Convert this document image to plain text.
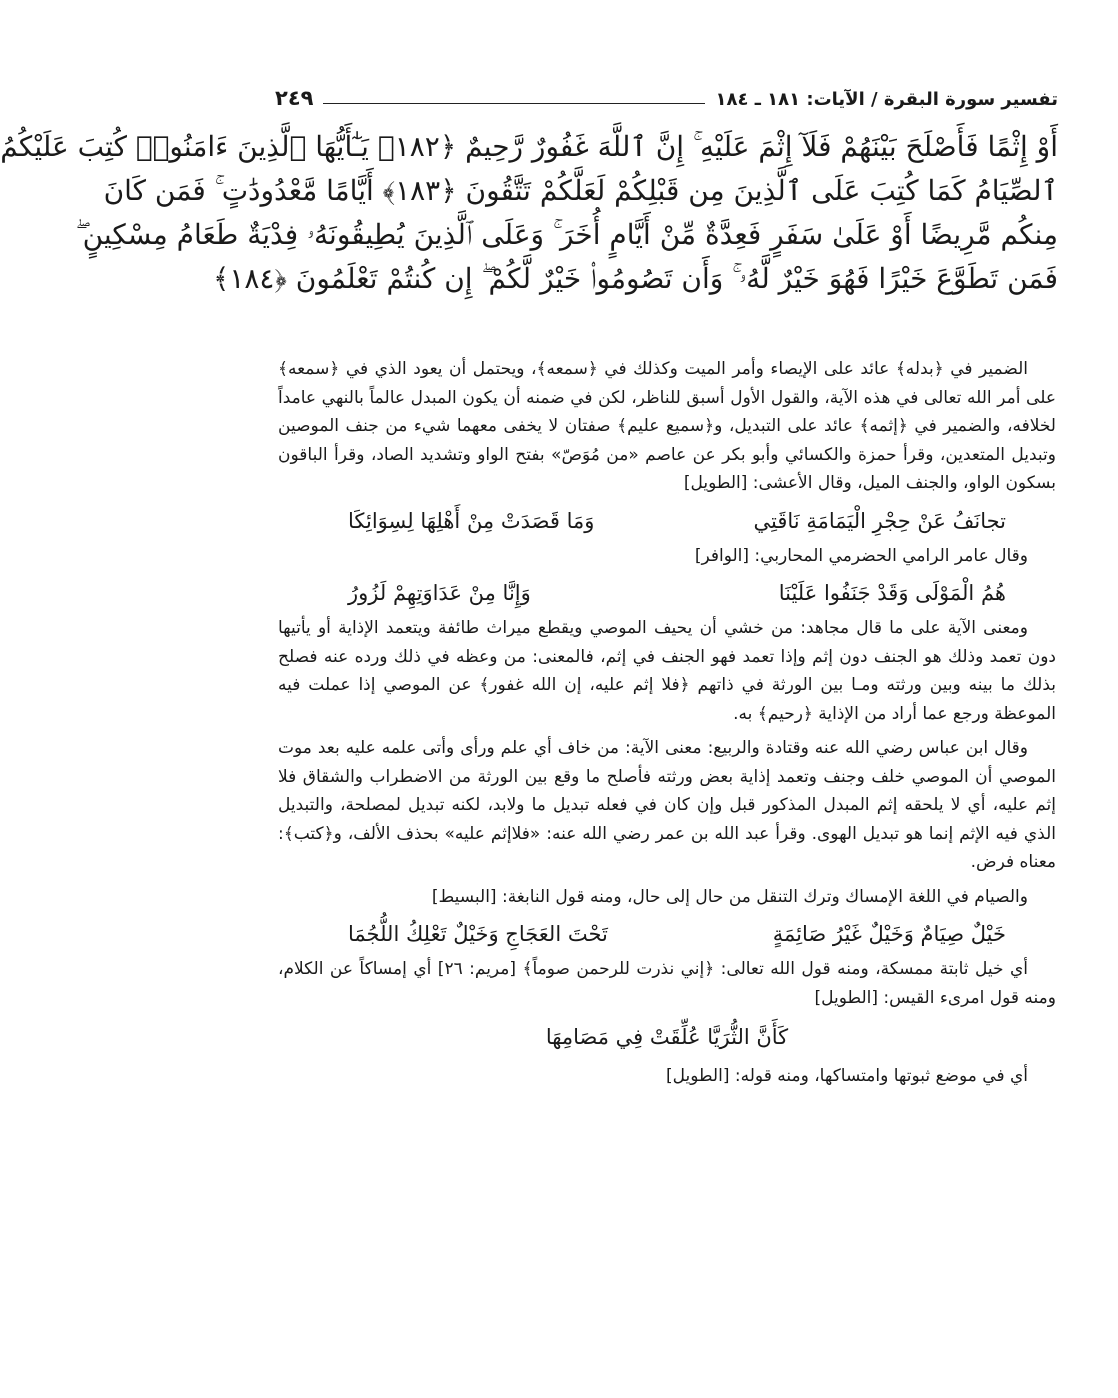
تفسير سورة البقرة / الآيات: ١٨١ ـ ١٨٤
٢٤٩
أَوْ إِثْمًا فَأَصْلَحَ بَيْنَهُمْ فَلَآ إِثْمَ عَلَيْهِ ۚ إِنَّ ٱللَّهَ غَفُورٌ رَّحِيمٌ ﴿١٨٢﴾ يَـٰٓأَيُّهَا ٱلَّذِينَ ءَامَنُوا۟ كُتِبَ عَلَيْكُمُ
ٱلصِّيَامُ كَمَا كُتِبَ عَلَى ٱلَّذِينَ مِن قَبْلِكُمْ لَعَلَّكُمْ تَتَّقُونَ ﴿١٨٣﴾ أَيَّامًا مَّعْدُودَٰتٍ ۚ فَمَن كَانَ
مِنكُم مَّرِيضًا أَوْ عَلَىٰ سَفَرٍ فَعِدَّةٌ مِّنْ أَيَّامٍ أُخَرَ ۚ وَعَلَى ٱلَّذِينَ يُطِيقُونَهُۥ فِدْيَةٌ طَعَامُ مِسْكِينٍ ۖ
فَمَن تَطَوَّعَ خَيْرًا فَهُوَ خَيْرٌ لَّهُۥ ۚ وَأَن تَصُومُوا۟ خَيْرٌ لَّكُمْ ۖ إِن كُنتُمْ تَعْلَمُونَ ﴿١٨٤﴾

الضمير في ﴿بدله﴾ عائد على الإيصاء وأمر الميت وكذلك في ﴿سمعه﴾، ويحتمل أن يعود الذي في ﴿سمعه﴾ على أمر الله تعالى في هذه الآية، والقول الأول أسبق للناظر، لكن في ضمنه أن يكون المبدل عالماً بالنهي عامداً لخلافه، والضمير في ﴿إثمه﴾ عائد على التبديل، و﴿سميع عليم﴾ صفتان لا يخفى معهما شيء من جنف الموصين وتبديل المتعدين، وقرأ حمزة والكسائي وأبو بكر عن عاصم «من مُوَصّ» بفتح الواو وتشديد الصاد، وقرأ الباقون بسكون الواو، والجنف الميل، وقال الأعشى: [الطويل]

تجانَفُ عَنْ حِجْرِ الْيَمَامَةِ نَاقَتِي
وَمَا قَصَدَتْ مِنْ أَهْلِهَا لِسِوَائِكَا

وقال عامر الرامي الحضرمي المحاربي: [الوافر]

هُمُ الْمَوْلَى وَقَدْ جَنَفُوا عَلَيْنَا
وَإِنَّا مِنْ عَدَاوَتِهِمْ لَزُورُ

ومعنى الآية على ما قال مجاهد: من خشي أن يحيف الموصي ويقطع ميراث طائفة ويتعمد الإذاية أو يأتيها دون تعمد وذلك هو الجنف دون إثم وإذا تعمد فهو الجنف في إثم، فالمعنى: من وعظه في ذلك ورده عنه فصلح بذلك ما بينه وبين ورثته ومـا بين الورثة في ذاتهم ﴿فلا إثم عليه، إن الله غفور﴾ عن الموصي إذا عملت فيه الموعظة ورجع عما أراد من الإذاية ﴿رحيم﴾ به.

وقال ابن عباس رضي الله عنه وقتادة والربيع: معنى الآية: من خاف أي علم ورأى وأتى علمه عليه بعد موت الموصي أن الموصي خلف وجنف وتعمد إذاية بعض ورثته فأصلح ما وقع بين الورثة من الاضطراب والشقاق فلا إثم عليه، أي لا يلحقه إثم المبدل المذكور قبل وإن كان في فعله تبديل ما ولابد، لكنه تبديل لمصلحة، والتبديل الذي فيه الإثم إنما هو تبديل الهوى. وقرأ عبد الله بن عمر رضي الله عنه: «فلاإثم عليه» بحذف الألف، و﴿كتب﴾: معناه فرض.

والصيام في اللغة الإمساك وترك التنقل من حال إلى حال، ومنه قول النابغة: [البسيط]

خَيْلٌ صِيَامٌ وَخَيْلٌ غَيْرُ صَائِمَةٍ
تَحْتَ العَجَاجِ وَخَيْلٌ تَعْلِكُ اللُّجُمَا

أي خيل ثابتة ممسكة، ومنه قول الله تعالى: ﴿إني نذرت للرحمن صوماً﴾ [مريم: ٢٦] أي إمساكاً عن الكلام، ومنه قول امرىء القيس: [الطويل]

كَأَنَّ الثُّرَيَّا عُلِّقَتْ فِي مَصَامِهَا

أي في موضع ثبوتها وامتساكها، ومنه قوله: [الطويل]
